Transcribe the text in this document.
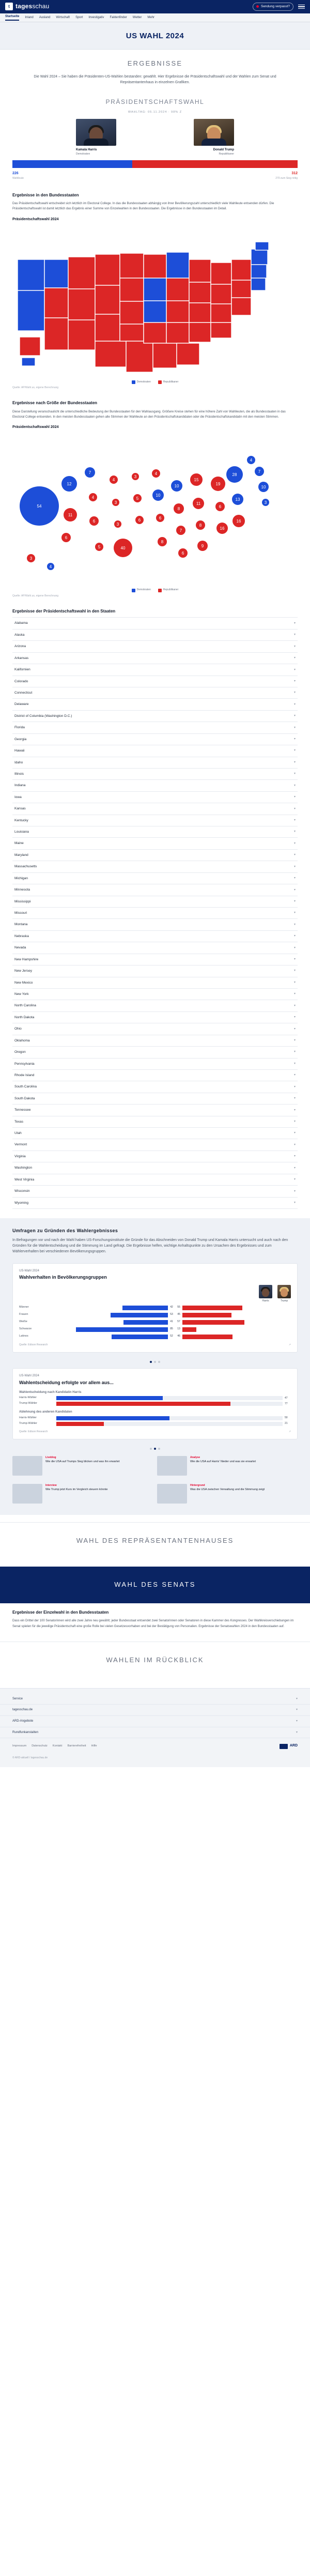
t tagesschau	Sendung verpasst?
Startseite Inland Ausland Wirtschaft Sport Investigativ Faktenfinder Wetter Mehr
US WAHL 2024
ERGEBNISSE
Die Wahl 2024 – Sie haben die Präsidenten-US-Wahlen bestanden: gewählt. Hier Ergebnisse die Präsidentschaftswahl und der Wahlen zum Senat und Repräsentantenhaus in einzelnen Grafiken.
PRÄSIDENTSCHAFTSWAHL
WAHLTAG: 05.11.2024 · 98% Z
Kamala Harris
Demokraten
Donald Trump
Republikaner
226	312
Wahlleute	270 zum Sieg nötig
Ergebnisse in den Bundesstaaten

Das Präsidentschaftswahl entscheidet sich letztlich im Electoral College. In das die Bundesstaaten abhängig von ihrer Bevölkerungszahl unterschiedlich viele Wahlleute entsenden dürfen. Die Präsidentschaftswahl ist damit letztlich das Ergebnis einer Summe von Einzelwahlen in den Bundesstaaten. Die Ergebnisse in den Bundesstaaten im Detail.

Präsidentschaftswahl 2024
Demokraten	Republikaner
Quelle: AP/Wahl.us, eigene Berechnung
Ergebnisse nach Größe der Bundesstaaten

Diese Darstellung veranschaulicht die unterschiedliche Bedeutung der Bundesstaaten für den Wahlausgang. Größere Kreise stehen für eine höhere Zahl von Wahlleuten, die als Bundesstaaten in das Electoral College entsenden. In den meisten Bundesstaaten gehen alle Stimmen der Wahlleute an den Präsidentschaftskandidaten oder die Präsidentschaftskandidatin mit den meisten Stimmen.

Präsidentschaftswahl 2024
54
12
11
6
7
4
6
5
4
3
3
40
3
5
6
4
10
6
8
10
8
7
6
15
11
8
9
19
6
16
28
13
16
4
7
10
3
3
4
Demokraten	Republikaner
Quelle: AP/Wahl.us, eigene Berechnung
Ergebnisse der Präsidentschaftswahl in den Staaten
Alabama	▾
Alaska	▾
Arizona	▾
Arkansas	▾
Kalifornien	▾
Colorado	▾
Connecticut	▾
Delaware	▾
District of Columbia (Washington D.C.)	▾
Florida	▾
Georgia	▾
Hawaii	▾
Idaho	▾
Illinois	▾
Indiana	▾
Iowa	▾
Kansas	▾
Kentucky	▾
Louisiana	▾
Maine	▾
Maryland	▾
Massachusetts	▾
Michigan	▾
Minnesota	▾
Mississippi	▾
Missouri	▾
Montana	▾
Nebraska	▾
Nevada	▾
New Hampshire	▾
New Jersey	▾
New Mexico	▾
New York	▾
North Carolina	▾
North Dakota	▾
Ohio	▾
Oklahoma	▾
Oregon	▾
Pennsylvania	▾
Rhode Island	▾
South Carolina	▾
South Dakota	▾
Tennessee	▾
Texas	▾
Utah	▾
Vermont	▾
Virginia	▾
Washington	▾
West Virginia	▾
Wisconsin	▾
Wyoming	▾
Umfragen zu Gründen des Wahlergebnisses
In Befragungen vor und nach der Wahl haben US-Forschungsinstitute die Gründe für das Abschneiden von Donald Trump und Kamala Harris untersucht und auch nach den Gründen für die Wahlentscheidung und die Stimmung im Land gefragt. Die Ergebnisse helfen, wichtige Anhaltspunkte zu den Ursachen des Ergebnisses und zum Wählerverhalten bei verschiedenen Bevölkerungsgruppen.
US-Wahl 2024
Wahlverhalten in Bevölkerungsgruppen
Harris	Trump
Männer	42	55
Frauen	53	45
Weiße	41	57
Schwarze	85	13
Latinos	52	46
Quelle: Edison Research	↗
US-Wahl 2024
Wahlentscheidung erfolgte vor allem aus...
Wahlentscheidung nach Kandidatin Harris
Harris-Wähler	47
Trump-Wähler	77
Ablehnung des anderen Kandidaten
Harris-Wähler	50
Trump-Wähler	21
Quelle: Edison Research	↗
Liveblog
Wie die USA auf Trumps Sieg blicken und was ihn erwartet
Analyse
Wie die USA auf Harris' Nieder und was sie erwartet
Interview
Wie Trump jetzt Kurs im Vergleich steuern könnte
Hintergrund
Was die USA zwischen Verwaltung und die Stimmung zeigt
WAHL DES REPRÄSENTANTENHAUSES
WAHL DES SENATS
Ergebnisse der Einzelwahl in den Bundesstaaten

Dass ein Drittel der 100 Senatorinnen wird alle zwei Jahre neu gewählt; jeder Bundesstaat entsendet zwei Senatorinnen oder Senatoren in diese Kammer des Kongresses. Der Wahlkreisverschiebungen im Senat spielen für die jeweilige Präsidentschaft eine große Rolle bei vielen Gesetzesvorhaben und bei der Bestätigung von Personalien. Ergebnisse der Senatswahlen 2024 in den Bundesstaaten auf.

WAHLEN IM RÜCKBLICK
Service	▾
tagesschau.de	▾
ARD-Angebote	▾
Rundfunkanstalten	▾
Impressum Datenschutz Kontakt Barrierefreiheit Hilfe	ARD
© ARD-aktuell / tagesschau.de
